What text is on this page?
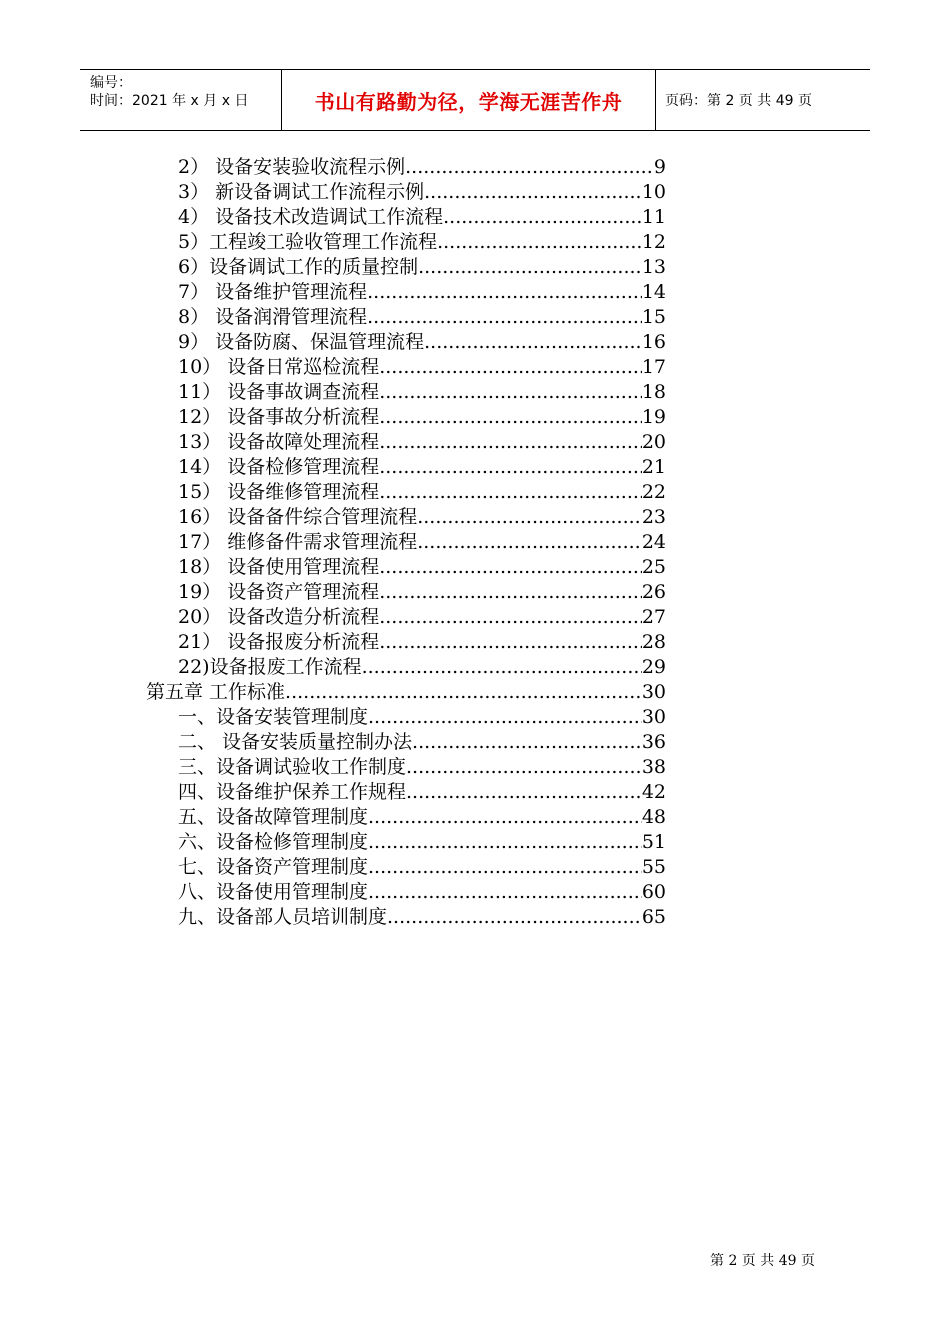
编号：
时间：2021 年 x 月 x 日	书山有路勤为径，学海无涯苦作舟	页码：第 2 页 共 49 页
2） 设备安装验收流程示例 .....	9
3） 新设备调试工作流程示例 .....	10
4） 设备技术改造调试工作流程 .....	11
5）工程竣工验收管理工作流程 .....	12
6）设备调试工作的质量控制 .....	13
7） 设备维护管理流程 .....	14
8） 设备润滑管理流程 .....	15
9） 设备防腐、保温管理流程 .....	16
10） 设备日常巡检流程 .....	17
11） 设备事故调查流程 .....	18
12） 设备事故分析流程 .....	19
13） 设备故障处理流程 .....	20
14） 设备检修管理流程 .....	21
15） 设备维修管理流程 .....	22
16） 设备备件综合管理流程 .....	23
17） 维修备件需求管理流程 .....	24
18） 设备使用管理流程 .....	25
19） 设备资产管理流程 .....	26
20） 设备改造分析流程 .....	27
21） 设备报废分析流程 .....	28
22)设备报废工作流程 .....	29
第五章 工作标准 .....	30
一、设备安装管理制度 .....	30
二、 设备安装质量控制办法 .....	36
三、设备调试验收工作制度 .....	38
四、设备维护保养工作规程 .....	42
五、设备故障管理制度 .....	48
六、设备检修管理制度 .....	51
七、设备资产管理制度 .....	55
八、设备使用管理制度 .....	60
九、设备部人员培训制度 .....	65
第 2 页 共 49 页
